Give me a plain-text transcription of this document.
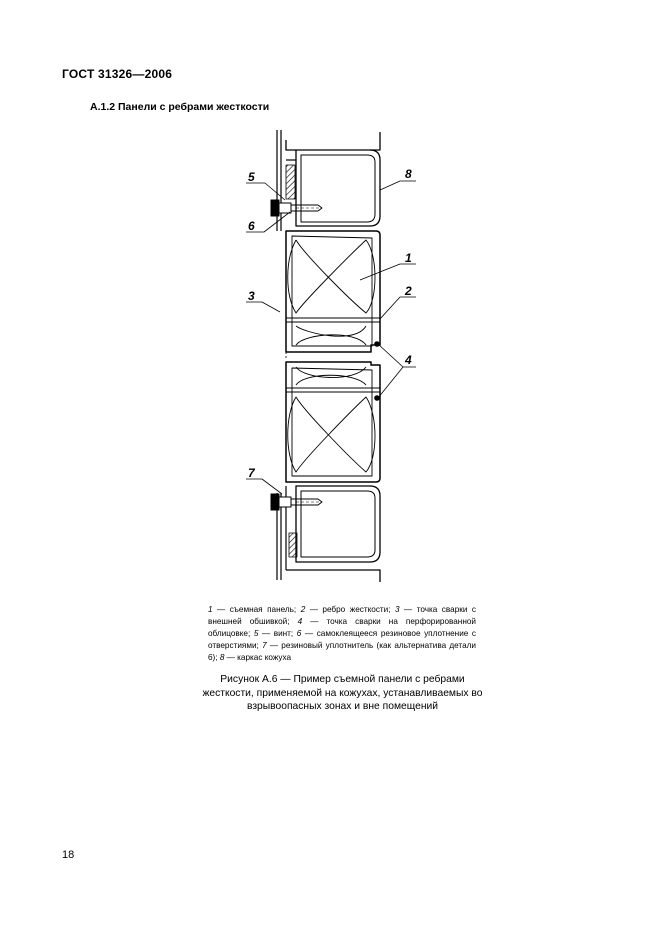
ГОСТ 31326—2006
А.1.2 Панели с ребрами жесткости
5	8
6
1
3	2
4
7
1 — съемная панель; 2 — ребро жесткости; 3 — точка сварки с внешней обшивкой; 4 — точка сварки на перфорированной облицовке; 5 — винт; 6 — самоклеящееся резиновое уплотнение с отверстиями; 7 — резиновый уплотнитель (как альтернатива детали 6); 8 — каркас кожуха
Рисунок А.6 — Пример съемной панели с ребрами жесткости, применяемой на кожухах, устанавливаемых во взрывоопасных зонах и вне помещений
18
